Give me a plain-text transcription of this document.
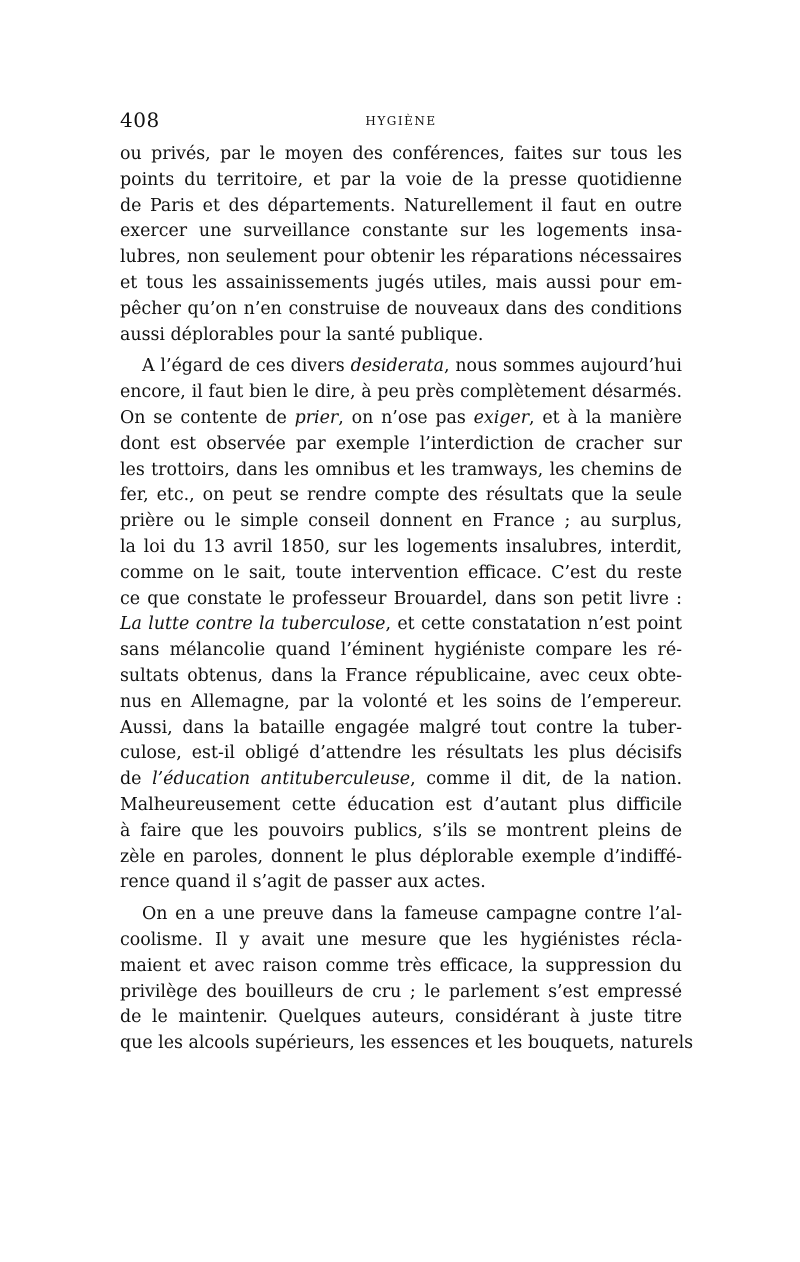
408	HYGIÈNE
ou privés, par le moyen des conférences, faites sur tous les
points du territoire, et par la voie de la presse quotidienne
de Paris et des départements. Naturellement il faut en outre
exercer une surveillance constante sur les logements insa-
lubres, non seulement pour obtenir les réparations nécessaires
et tous les assainissements jugés utiles, mais aussi pour em-
pêcher qu’on n’en construise de nouveaux dans des conditions
aussi déplorables pour la santé publique.
A l’égard de ces divers desiderata, nous sommes aujourd’hui
encore, il faut bien le dire, à peu près complètement désarmés.
On se contente de prier, on n’ose pas exiger, et à la manière
dont est observée par exemple l’interdiction de cracher sur
les trottoirs, dans les omnibus et les tramways, les chemins de
fer, etc., on peut se rendre compte des résultats que la seule
prière ou le simple conseil donnent en France ; au surplus,
la loi du 13 avril 1850, sur les logements insalubres, interdit,
comme on le sait, toute intervention efficace. C’est du reste
ce que constate le professeur Brouardel, dans son petit livre :
La lutte contre la tuberculose, et cette constatation n’est point
sans mélancolie quand l’éminent hygiéniste compare les ré-
sultats obtenus, dans la France républicaine, avec ceux obte-
nus en Allemagne, par la volonté et les soins de l’empereur.
Aussi, dans la bataille engagée malgré tout contre la tuber-
culose, est-il obligé d’attendre les résultats les plus décisifs
de l’éducation antituberculeuse, comme il dit, de la nation.
Malheureusement cette éducation est d’autant plus difficile
à faire que les pouvoirs publics, s’ils se montrent pleins de
zèle en paroles, donnent le plus déplorable exemple d’indiffé-
rence quand il s’agit de passer aux actes.
On en a une preuve dans la fameuse campagne contre l’al-
coolisme. Il y avait une mesure que les hygiénistes récla-
maient et avec raison comme très efficace, la suppression du
privilège des bouilleurs de cru ; le parlement s’est empressé
de le maintenir. Quelques auteurs, considérant à juste titre
que les alcools supérieurs, les essences et les bouquets, naturels
